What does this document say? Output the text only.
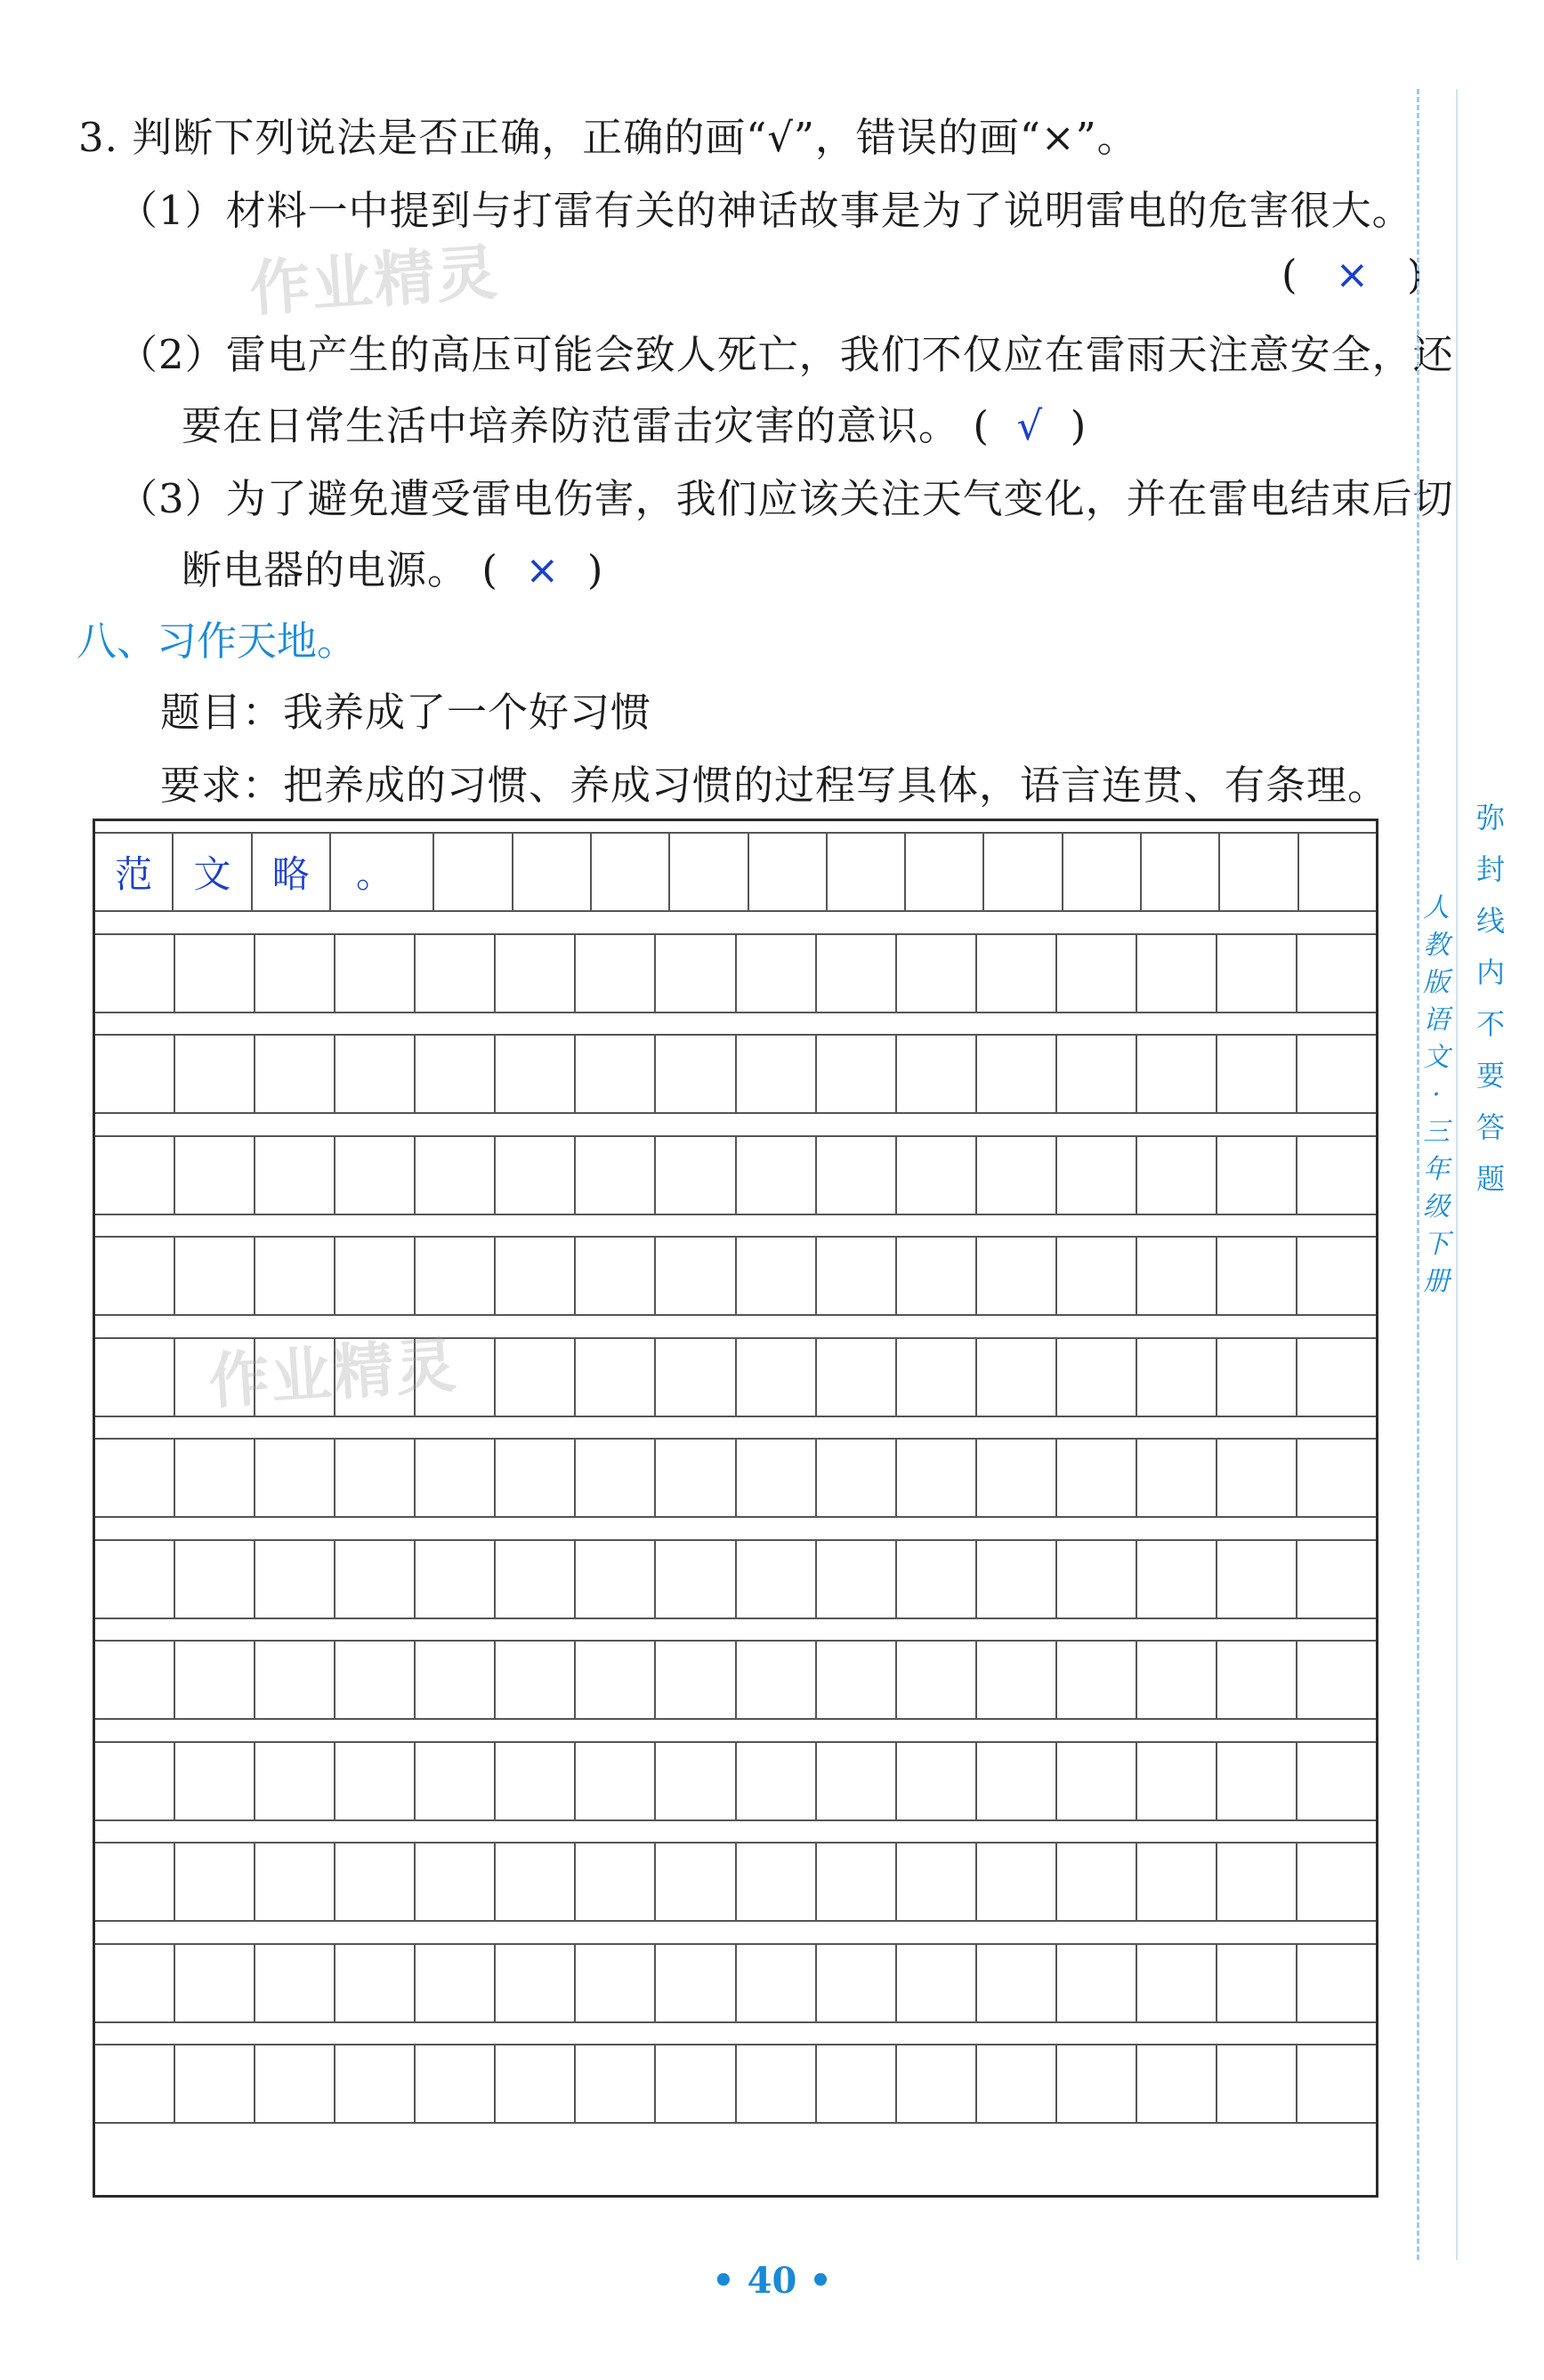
3. 判断下列说法是否正确，正确的画“√”，错误的画“×”。
（1）材料一中提到与打雷有关的神话故事是为了说明雷电的危害很大。
(   ×   )
（2）雷电产生的高压可能会致人死亡，我们不仅应在雷雨天注意安全，还
要在日常生活中培养防范雷击灾害的意识。 (  √  )
（3）为了避免遭受雷电伤害，我们应该关注天气变化，并在雷电结束后切
断电器的电源。 (  ×  )
八、习作天地。
题目：我养成了一个好习惯
要求：把养成的习惯、养成习惯的过程写具体，语言连贯、有条理。
范	文	略	。
作业精灵
作业精灵
人
教
版
语
文
·
三
年
级
下
册
弥
封
线
内
不
要
答
题
• 40 •
